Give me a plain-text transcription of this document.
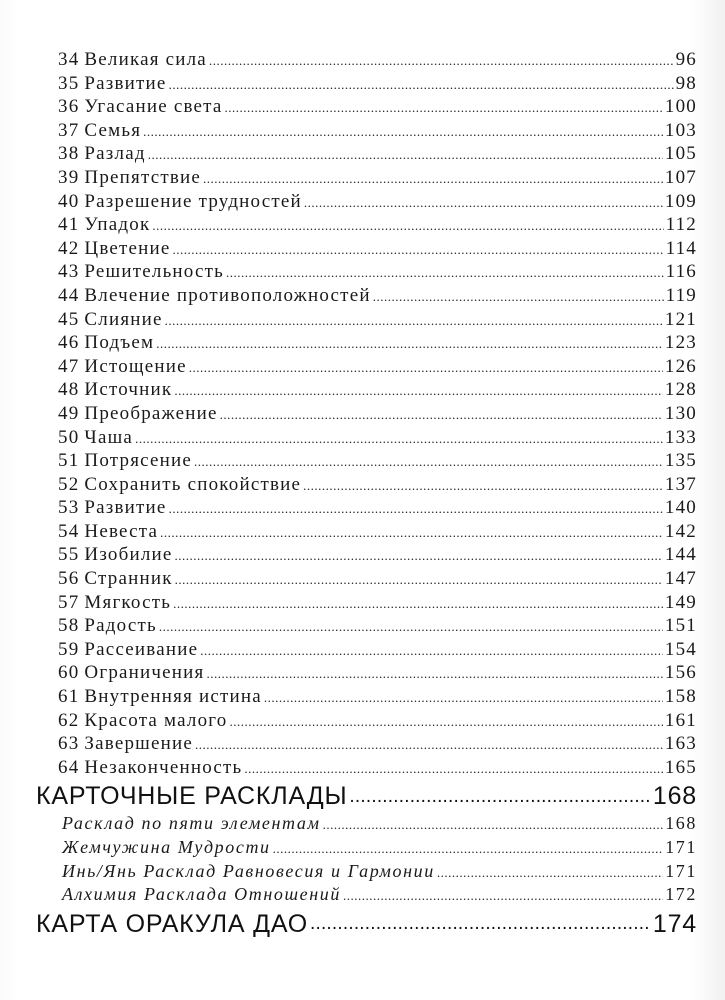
34 Великая сила .....	96
35 Развитие .....	98
36 Угасание света .....	100
37 Семья .....	103
38 Разлад .....	105
39 Препятствие .....	107
40 Разрешение трудностей .....	109
41 Упадок .....	112
42 Цветение .....	114
43 Решительность .....	116
44 Влечение противоположностей .....	119
45 Слияние .....	121
46 Подъем .....	123
47 Истощение .....	126
48 Источник .....	128
49 Преображение .....	130
50 Чаша .....	133
51 Потрясение .....	135
52 Сохранить спокойствие .....	137
53 Развитие .....	140
54 Невеста .....	142
55 Изобилие .....	144
56 Странник .....	147
57 Мягкость .....	149
58 Радость .....	151
59 Рассеивание .....	154
60 Ограничения .....	156
61 Внутренняя истина .....	158
62 Красота малого .....	161
63 Завершение .....	163
64 Незаконченность .....	165
КАРТОЧНЫЕ РАСКЛАДЫ .....	168
Расклад по пяти элементам .....	168
Жемчужина Мудрости .....	171
Инь/Янь Расклад Равновесия и Гармонии .....	171
Алхимия Расклада Отношений .....	172
КАРТА ОРАКУЛА ДАО .....	174
